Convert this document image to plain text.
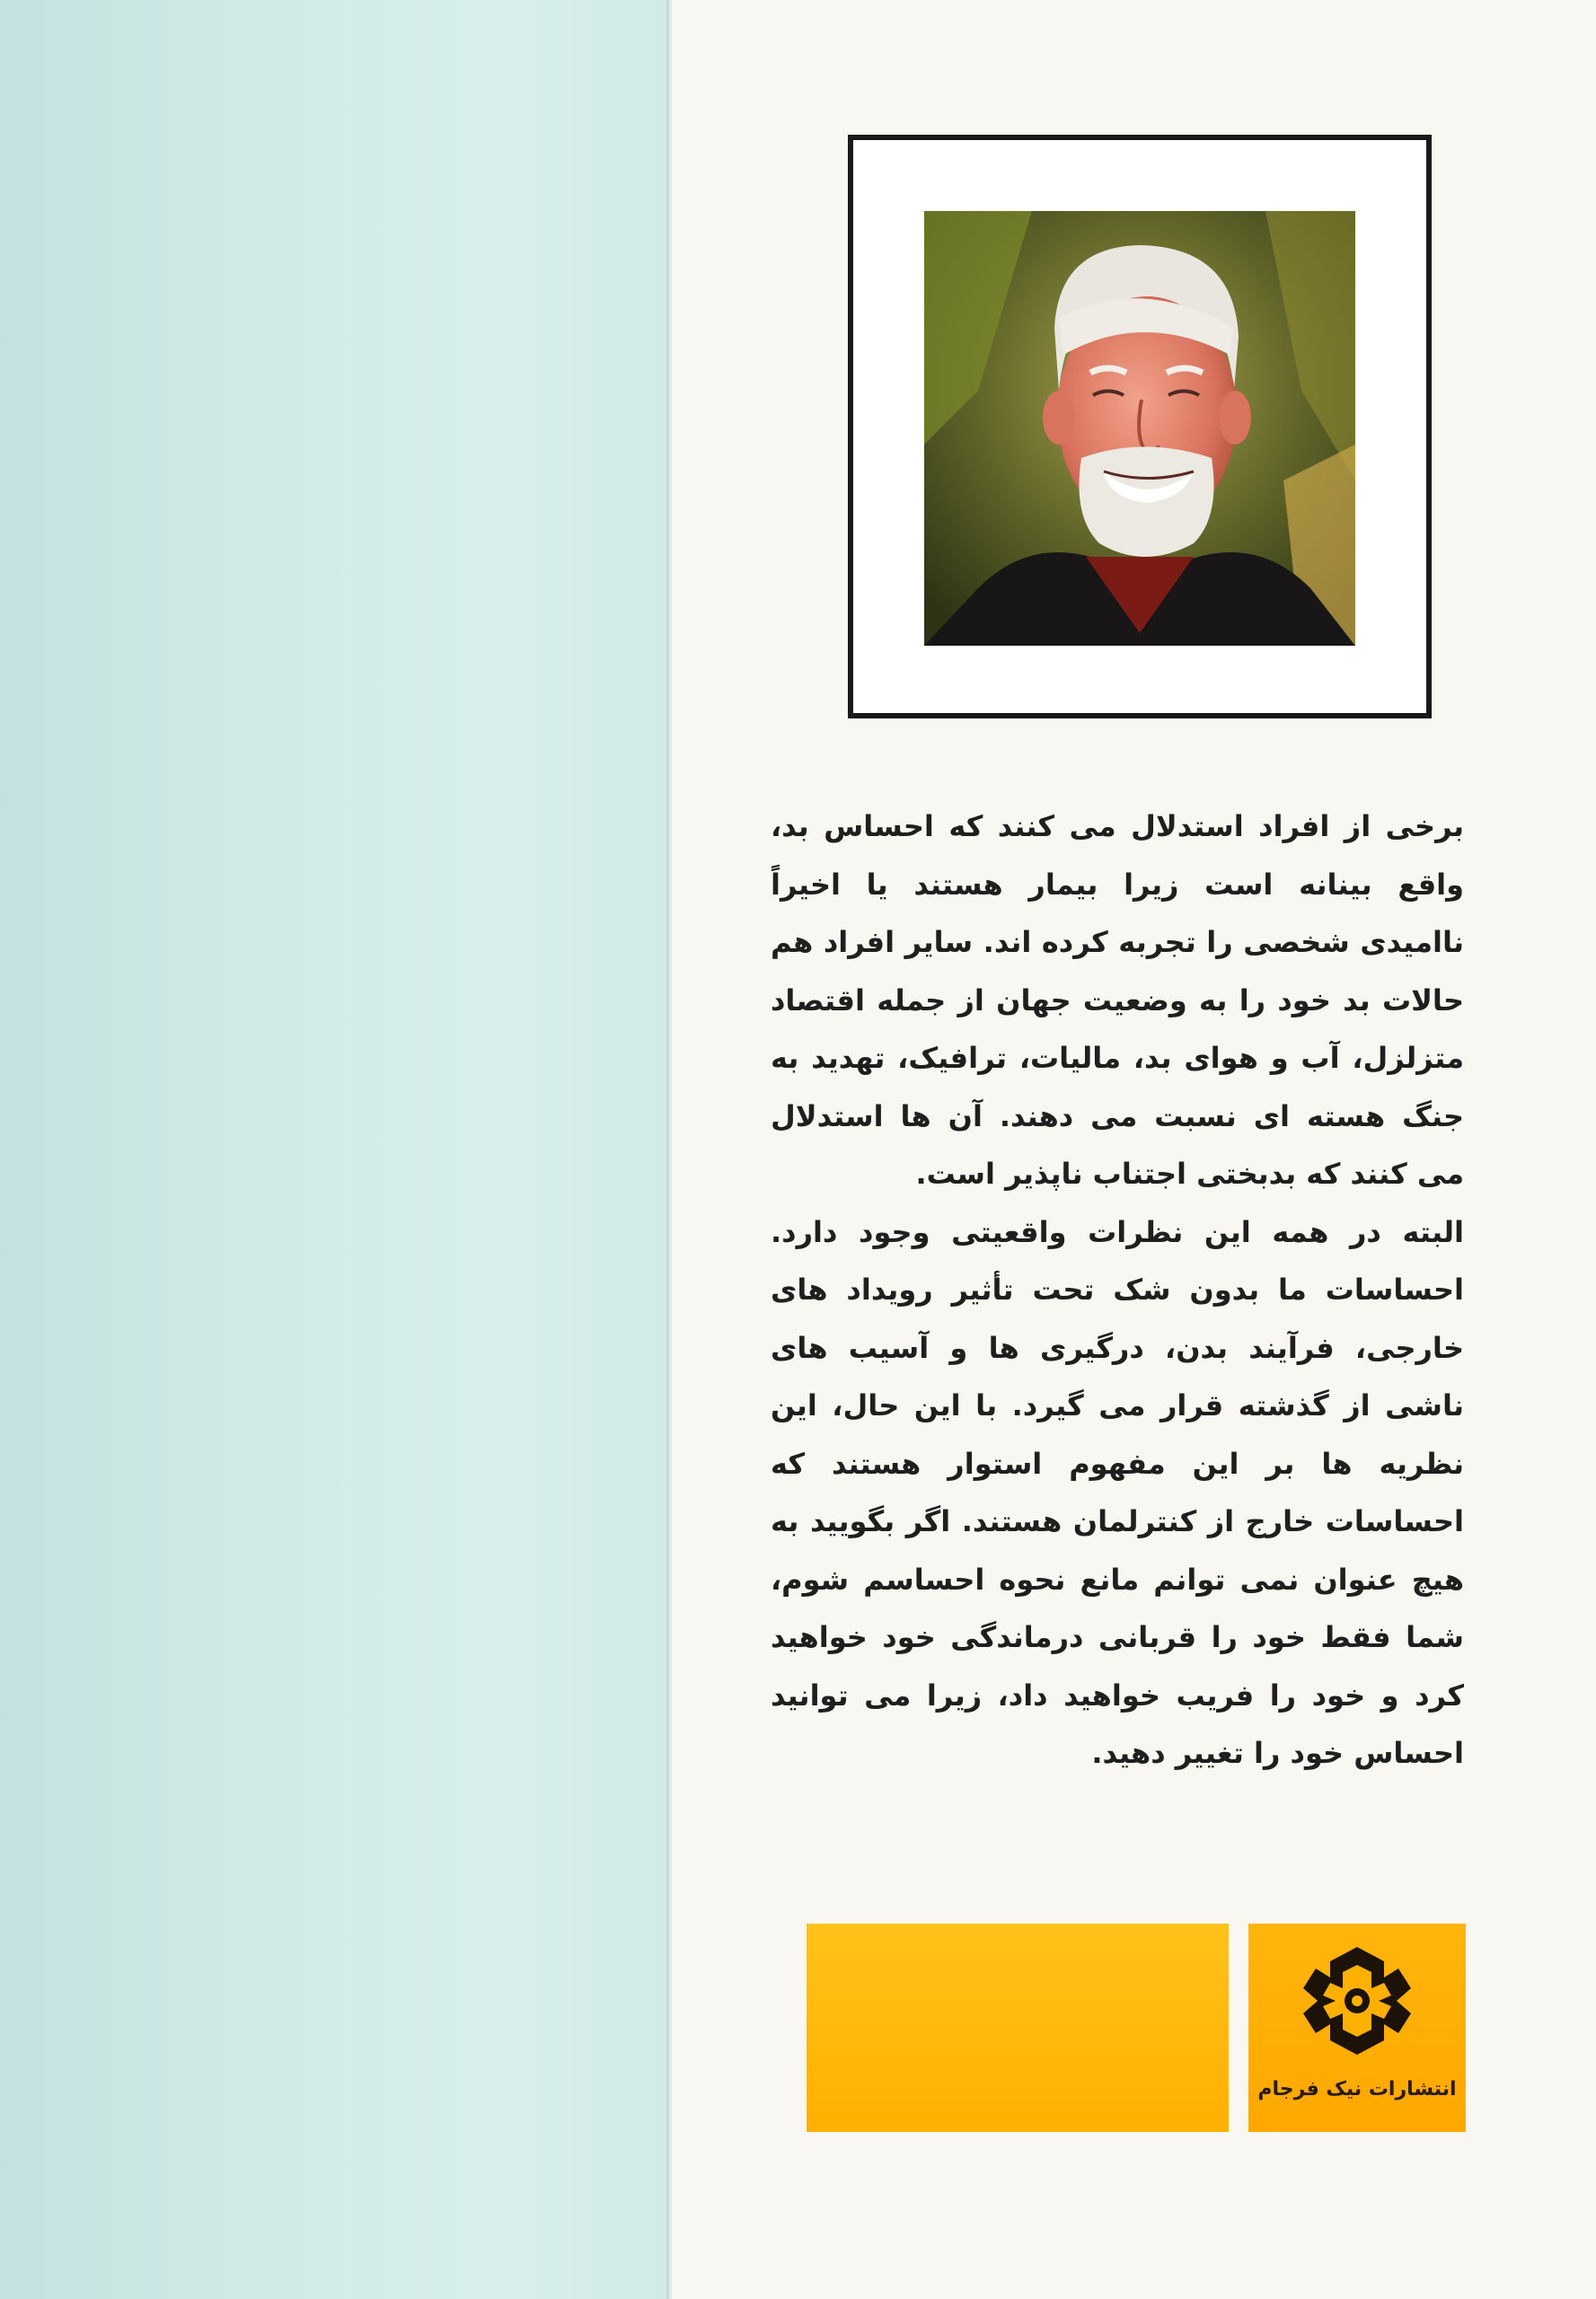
برخی از افراد استدلال می کنند که احساس بد، واقع بینانه است زیرا بیمار هستند یا اخیراً ناامیدی شخصی را تجربه کرده اند. سایر افراد هم حالات بد خود را به وضعیت جهان از جمله اقتصاد متزلزل، آب و هوای بد، مالیات، ترافیک، تهدید به جنگ هسته ای نسبت می دهند. آن ها استدلال می کنند که بدبختی اجتناب ناپذیر است.

البته در همه این نظرات واقعیتی وجود دارد. احساسات ما بدون شک تحت تأثیر رویداد های خارجی، فرآیند بدن، درگیری ها و آسیب های ناشی از گذشته قرار می گیرد. با این حال، این نظریه ها بر این مفهوم استوار هستند که احساسات خارج از کنترلمان هستند. اگر بگویید به هیچ عنوان نمی توانم مانع نحوه احساسم شوم، شما فقط خود را قربانی درماندگی خود خواهید کرد و خود را فریب خواهید داد، زیرا می توانید احساس خود را تغییر دهید.

انتشارات نیک فرجام
